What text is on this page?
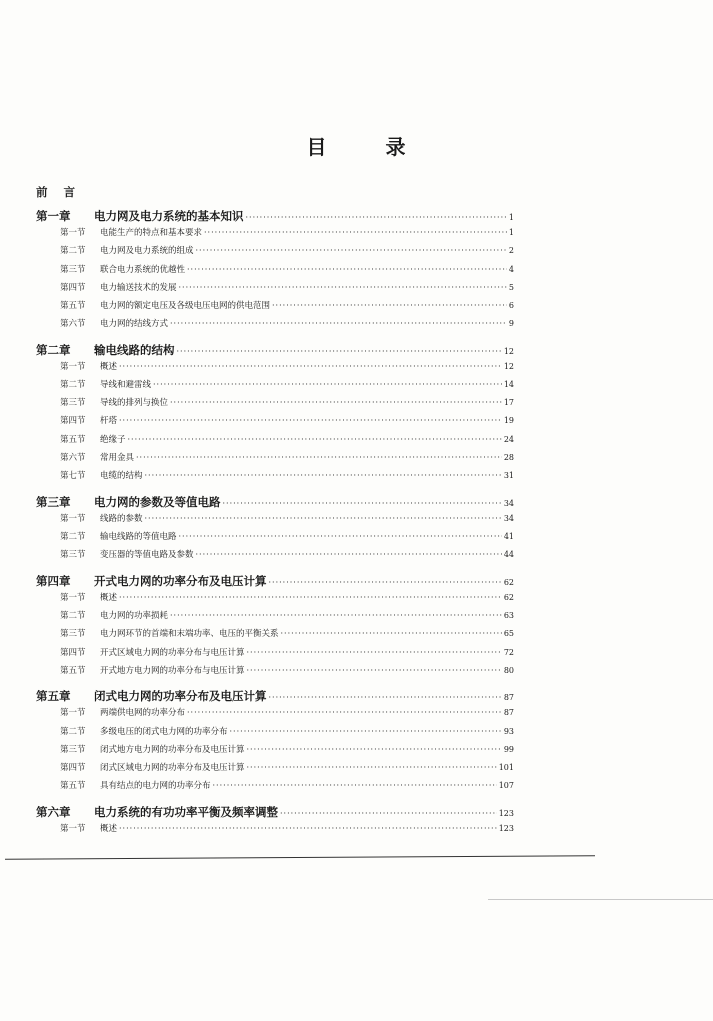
目 录
前 言
第一章 电力网及电力系统的基本知识 ·····	1
第一节 电能生产的特点和基本要求 ·····	1
第二节 电力网及电力系统的组成 ·····	2
第三节 联合电力系统的优越性 ·····	4
第四节 电力输送技术的发展 ·····	5
第五节 电力网的额定电压及各级电压电网的供电范围 ·····	6
第六节 电力网的结线方式 ·····	9
第二章 输电线路的结构 ·····	12
第一节 概述 ·····	12
第二节 导线和避雷线 ·····	14
第三节 导线的排列与换位 ·····	17
第四节 杆塔 ·····	19
第五节 绝缘子 ·····	24
第六节 常用金具 ·····	28
第七节 电缆的结构 ·····	31
第三章 电力网的参数及等值电路 ·····	34
第一节 线路的参数 ·····	34
第二节 输电线路的等值电路 ·····	41
第三节 变压器的等值电路及参数 ·····	44
第四章 开式电力网的功率分布及电压计算 ·····	62
第一节 概述 ·····	62
第二节 电力网的功率损耗 ·····	63
第三节 电力网环节的首端和末端功率、电压的平衡关系 ·····	65
第四节 开式区域电力网的功率分布与电压计算 ·····	72
第五节 开式地方电力网的功率分布与电压计算 ·····	80
第五章 闭式电力网的功率分布及电压计算 ·····	87
第一节 两端供电网的功率分布 ·····	87
第二节 多级电压的闭式电力网的功率分布 ·····	93
第三节 闭式地方电力网的功率分布及电压计算 ·····	99
第四节 闭式区域电力网的功率分布及电压计算 ·····	101
第五节 具有结点的电力网的功率分布 ·····	107
第六章 电力系统的有功功率平衡及频率调整 ·····	123
第一节 概述 ·····	123
